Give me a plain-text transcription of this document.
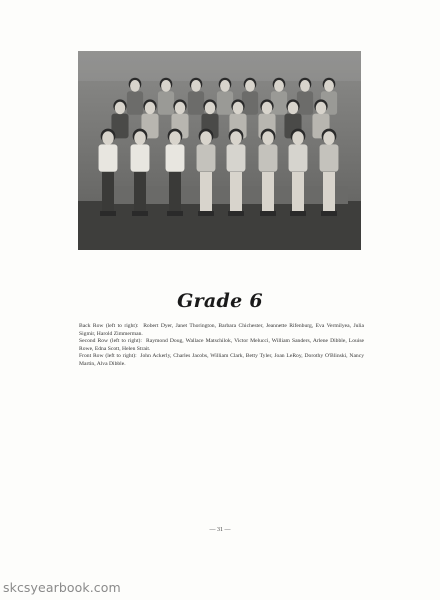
Grade 6

Back Row (left to right): Robert Dyer, Janet Thorington, Barbara Chichester, Jeannette Rifenburg, Eva Vermilyea, Julia Sigmir, Harold Zimmerman.

Second Row (left to right): Raymond Doug, Wallace Matschilok, Victor Melucci, William Sanders, Arlene Dibble, Louise Rowe, Edna Scott, Helen Strait.

Front Row (left to right): John Ackerly, Charles Jacobs, William Clark, Betty Tyler, Joan LeRoy, Dorothy O'Blinski, Nancy Martin, Alva Dibble.

— 31 —
skcsyearbook.com
